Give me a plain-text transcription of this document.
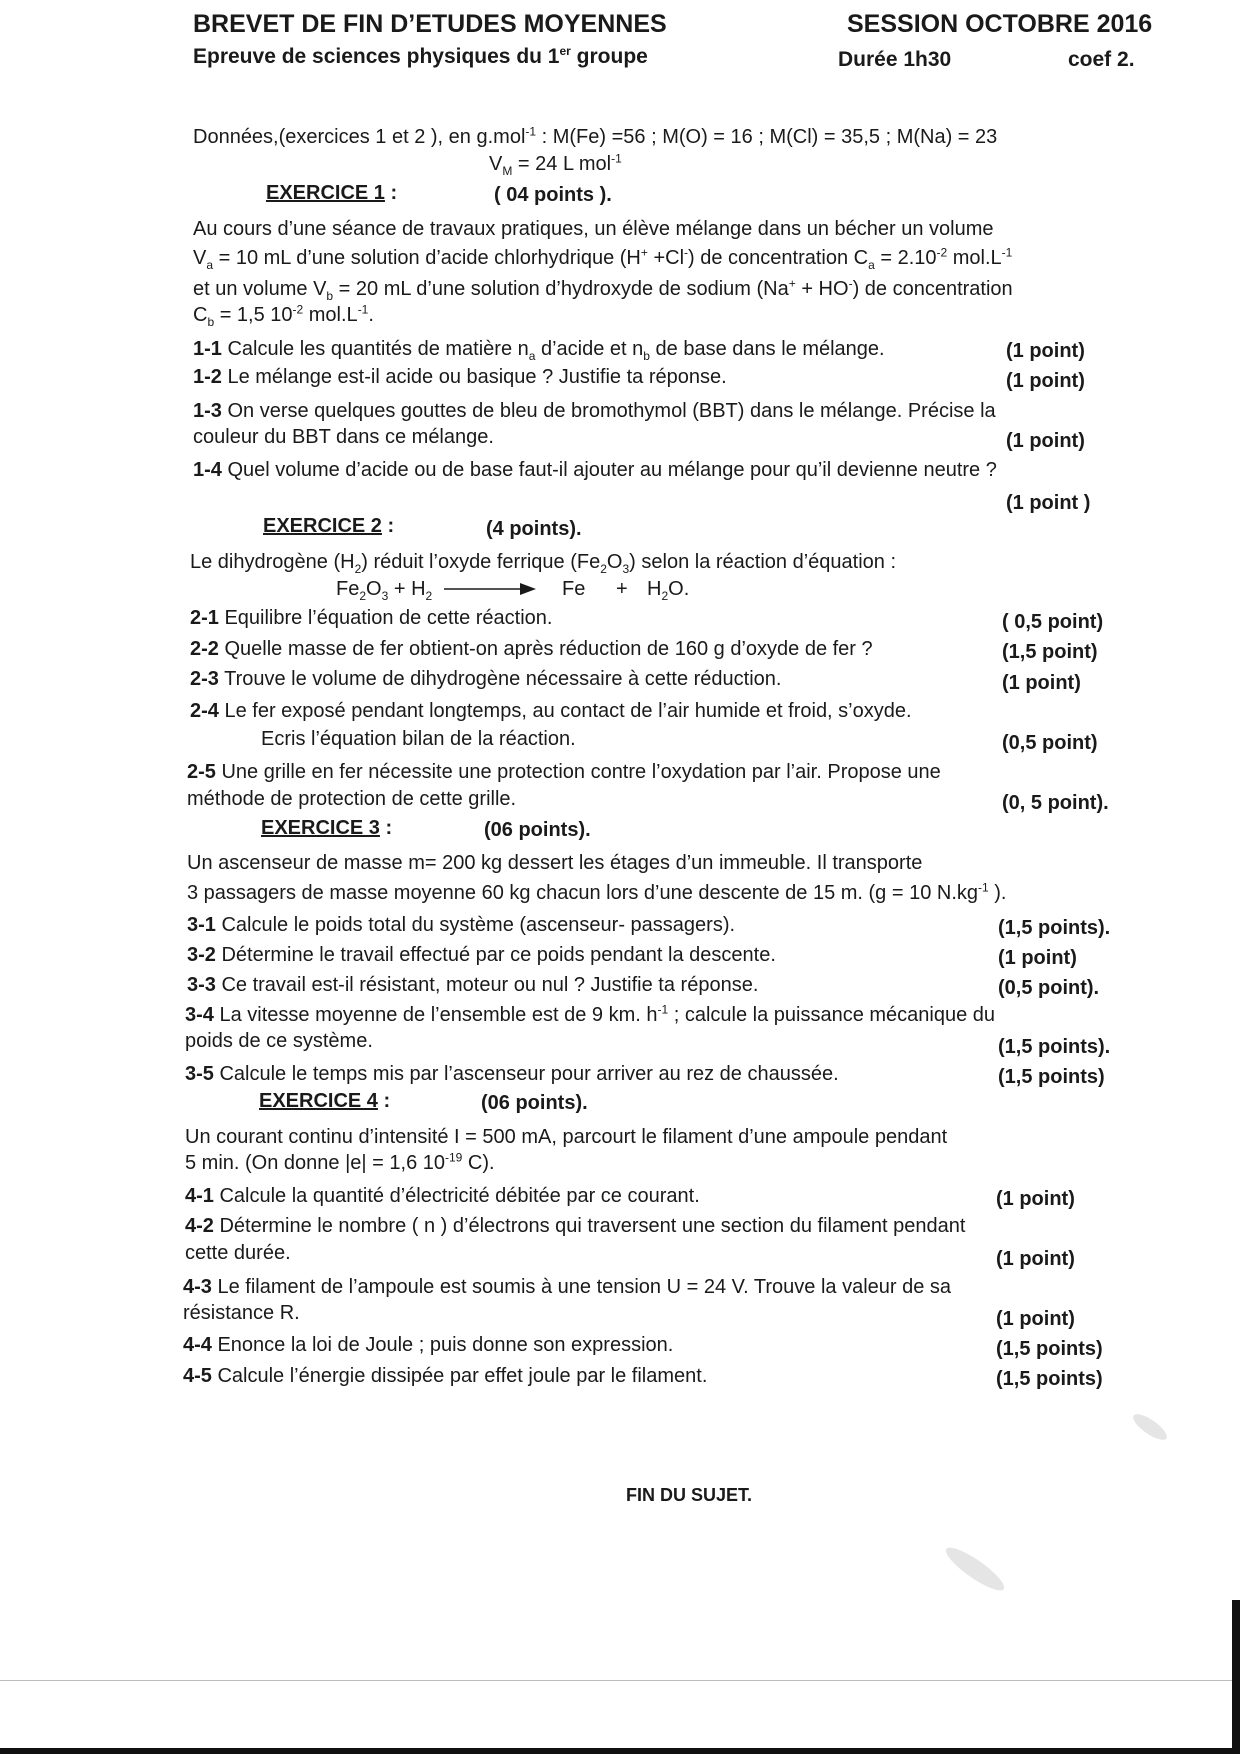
BREVET DE FIN D’ETUDES MOYENNES	SESSION OCTOBRE 2016
Epreuve de sciences physiques du 1er groupe	Durée 1h30	coef 2.
Données,(exercices 1 et 2 ), en g.mol$^{-1}$ : M(Fe) =56 ; M(O) = 16 ; M(Cl) = 35,5 ; M(Na) = 23
$V_M = 24$ L mol$^{-1}$
EXERCICE 1 :	( 04 points ).
Au cours d’une séance de travaux pratiques, un élève mélange dans un bécher un volume
$V_a = 10$ mL d’une solution d’acide chlorhydrique (H+ +Cl-) de concentration $C_a = 2.10^{-2}$ $mol.L^{-1}$
et un volume $V_b = 20$ mL d’une solution d’hydroxyde de sodium (Na+ + HO-) de concentration
$C_b = 1,5$ $10^{-2}$ $mol.L^{-1}$.
1-1 Calcule les quantités de matière $n_a$ d’acide et $n_b$ de base dans le mélange.	(1 point)
1-2 Le mélange est-il acide ou basique ? Justifie ta réponse.	(1 point)
1-3 On verse quelques gouttes de bleu de bromothymol (BBT) dans le mélange. Précise la
couleur du BBT dans ce mélange.	(1 point)
1-4 Quel volume d’acide ou de base faut-il ajouter au mélange pour qu’il devienne neutre ?
(1 point )
EXERCICE 2 :	(4 points).
Le dihydrogène $(H_2)$ réduit l’oxyde ferrique $(Fe_2O_3)$ selon la réaction d’équation :
$Fe_2O_3 + H_2$	$Fe + H_2O$.
2-1 Equilibre l’équation de cette réaction.	( 0,5 point)
2-2 Quelle masse de fer obtient-on après réduction de 160 g d’oxyde de fer ?	(1,5 point)
2-3 Trouve le volume de dihydrogène nécessaire à cette réduction.	(1 point)
2-4 Le fer exposé pendant longtemps, au contact de l’air humide et froid, s’oxyde.
Ecris l’équation bilan de la réaction.	(0,5 point)
2-5 Une grille en fer nécessite une protection contre l’oxydation par l’air. Propose une
méthode de protection de cette grille.	(0, 5 point).
EXERCICE 3 :	(06 points).
Un ascenseur de masse m= 200 kg dessert les étages d’un immeuble. Il transporte
3 passagers de masse moyenne 60 kg chacun lors d’une descente de 15 m. (g = 10 $N.kg^{-1}$ ).
3-1 Calcule le poids total du système (ascenseur- passagers).	(1,5 points).
3-2 Détermine le travail effectué par ce poids pendant la descente.	(1 point)
3-3 Ce travail est-il résistant, moteur ou nul ? Justifie ta réponse.	(0,5 point).
3-4 La vitesse moyenne de l’ensemble est de 9 km. $h^{-1}$ ; calcule la puissance mécanique du
poids de ce système.	(1,5 points).
3-5 Calcule le temps mis par l’ascenseur pour arriver au rez de chaussée.	(1,5 points)
EXERCICE 4 :	(06 points).
Un courant continu d’intensité I = 500 mA, parcourt le filament d’une ampoule pendant
5 min. (On donne |e| = 1,6 $10^{-19}$ C).
4-1 Calcule la quantité d’électricité débitée par ce courant.	(1 point)
4-2 Détermine le nombre ( n ) d’électrons qui traversent une section du filament pendant
cette durée.	(1 point)
4-3 Le filament de l’ampoule est soumis à une tension U = 24 V. Trouve la valeur de sa
résistance R.	(1 point)
4-4 Enonce la loi de Joule ; puis donne son expression.	(1,5 points)
4-5 Calcule l’énergie dissipée par effet joule par le filament.	(1,5 points)
FIN DU SUJET.
